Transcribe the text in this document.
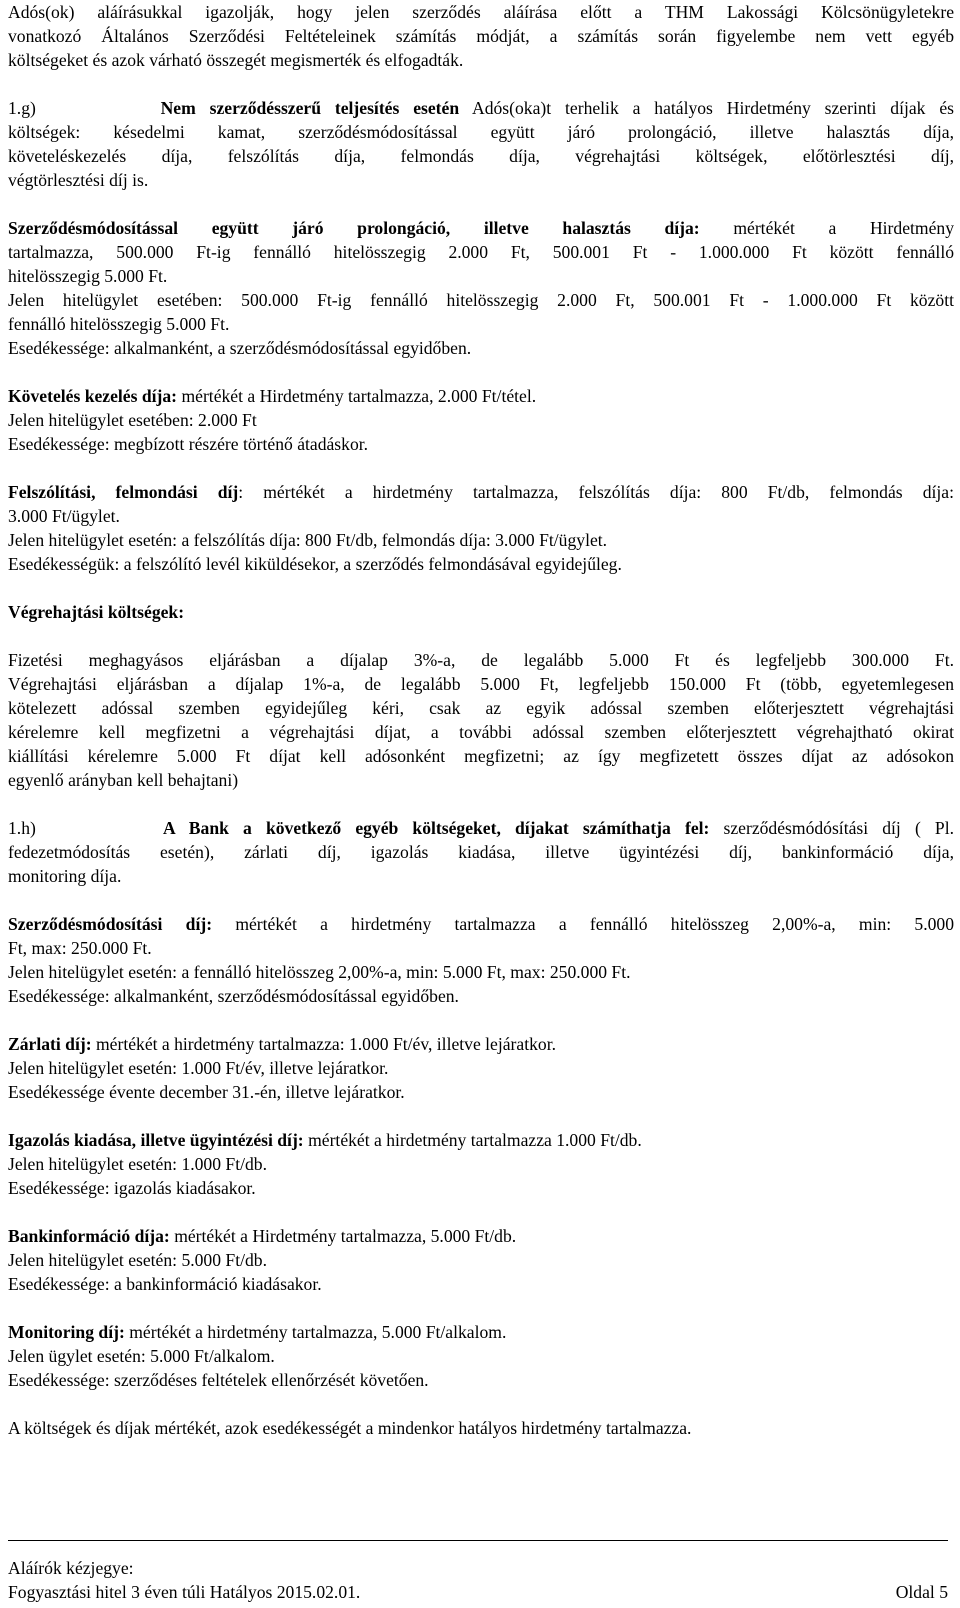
Adós(ok) aláírásukkal igazolják, hogy jelen szerződés aláírása előtt a THM Lakossági Kölcsönügyletekre

vonatkozó Általános Szerződési Feltételeinek számítás módját, a számítás során figyelembe nem vett egyéb

költségeket és azok várható összegét megismerték és elfogadták.

1.g)	Nem szerződésszerű teljesítés esetén Adós(oka)t terhelik a hatályos Hirdetmény szerinti díjak és

költségek: késedelmi kamat, szerződésmódosítással együtt járó prolongáció, illetve halasztás díja,

követeléskezelés díja, felszólítás díja, felmondás díja, végrehajtási költségek, előtörlesztési díj,

végtörlesztési díj is.

Szerződésmódosítással együtt járó prolongáció, illetve halasztás díja: mértékét a Hirdetmény

tartalmazza, 500.000 Ft-ig fennálló hitelösszegig 2.000 Ft, 500.001 Ft - 1.000.000 Ft között fennálló

hitelösszegig 5.000 Ft.

Jelen hitelügylet esetében: 500.000 Ft-ig fennálló hitelösszegig 2.000 Ft, 500.001 Ft - 1.000.000 Ft között

fennálló hitelösszegig 5.000 Ft.

Esedékessége: alkalmanként, a szerződésmódosítással egyidőben.

Követelés kezelés díja: mértékét a Hirdetmény tartalmazza, 2.000 Ft/tétel.

Jelen hitelügylet esetében: 2.000 Ft

Esedékessége: megbízott részére történő átadáskor.

Felszólítási, felmondási díj: mértékét a hirdetmény tartalmazza, felszólítás díja: 800 Ft/db, felmondás díja:

3.000 Ft/ügylet.

Jelen hitelügylet esetén: a felszólítás díja: 800 Ft/db, felmondás díja: 3.000 Ft/ügylet.

Esedékességük: a felszólító levél kiküldésekor, a szerződés felmondásával egyidejűleg.

Végrehajtási költségek:

Fizetési meghagyásos eljárásban a díjalap 3%-a, de legalább 5.000 Ft és legfeljebb 300.000 Ft.

Végrehajtási eljárásban a díjalap 1%-a, de legalább 5.000 Ft, legfeljebb 150.000 Ft (több, egyetemlegesen

kötelezett adóssal szemben egyidejűleg kéri, csak az egyik adóssal szemben előterjesztett végrehajtási

kérelemre kell megfizetni a végrehajtási díjat, a további adóssal szemben előterjesztett végrehajtható okirat

kiállítási kérelemre 5.000 Ft díjat kell adósonként megfizetni; az így megfizetett összes díjat az adósokon

egyenlő arányban kell behajtani)

1.h)	A Bank a következő egyéb költségeket, díjakat számíthatja fel: szerződésmódósítási díj ( Pl.

fedezetmódosítás esetén), zárlati díj, igazolás kiadása, illetve ügyintézési díj, bankinformáció díja,

monitoring díja.

Szerződésmódosítási díj: mértékét a hirdetmény tartalmazza a fennálló hitelösszeg 2,00%-a, min: 5.000

Ft, max: 250.000 Ft.

Jelen hitelügylet esetén: a fennálló hitelösszeg 2,00%-a, min: 5.000 Ft, max: 250.000 Ft.

Esedékessége: alkalmanként, szerződésmódosítással egyidőben.

Zárlati díj: mértékét a hirdetmény tartalmazza: 1.000 Ft/év, illetve lejáratkor.

Jelen hitelügylet esetén: 1.000 Ft/év, illetve lejáratkor.

Esedékessége évente december 31.-én, illetve lejáratkor.

Igazolás kiadása, illetve ügyintézési díj: mértékét a hirdetmény tartalmazza 1.000 Ft/db.

Jelen hitelügylet esetén: 1.000 Ft/db.

Esedékessége: igazolás kiadásakor.

Bankinformáció díja: mértékét a Hirdetmény tartalmazza, 5.000 Ft/db.

Jelen hitelügylet esetén: 5.000 Ft/db.

Esedékessége: a bankinformáció kiadásakor.

Monitoring díj: mértékét a hirdetmény tartalmazza, 5.000 Ft/alkalom.

Jelen ügylet esetén: 5.000 Ft/alkalom.

Esedékessége: szerződéses feltételek ellenőrzését követően.

A költségek és díjak mértékét, azok esedékességét a mindenkor hatályos hirdetmény tartalmazza.

Aláírók kézjegye:

Fogyasztási hitel 3 éven túli Hatályos 2015.02.01.	Oldal 5
